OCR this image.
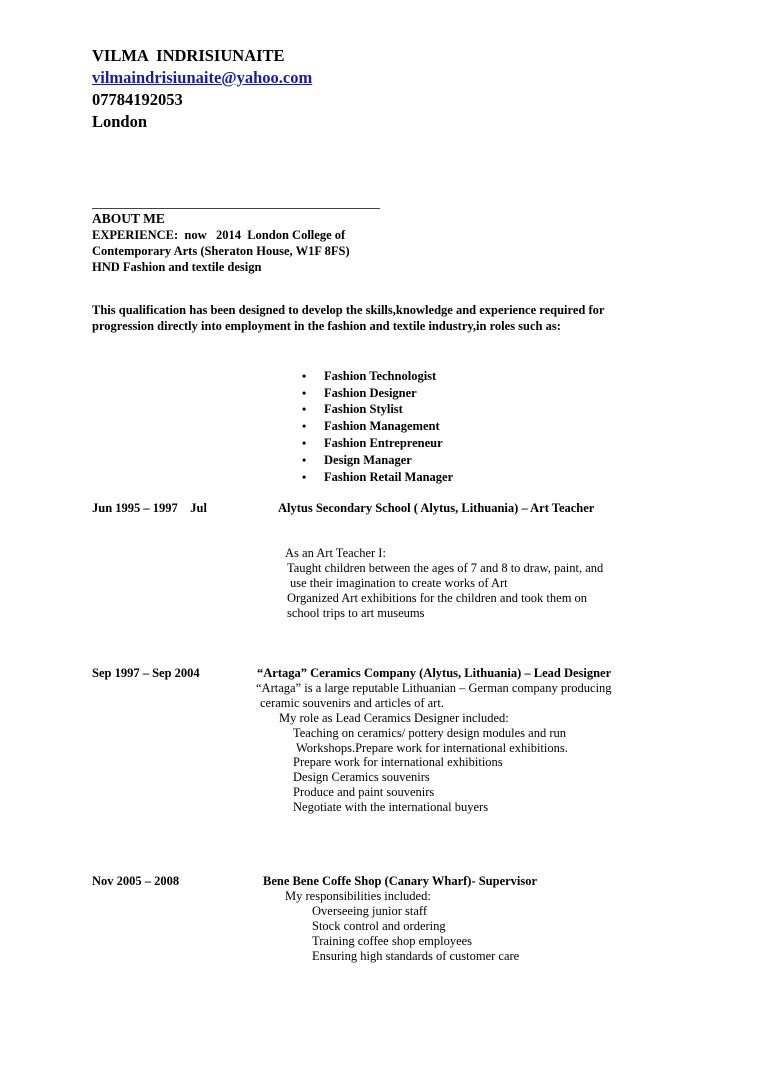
VILMA  INDRISIUNAITE
vilmaindrisiunaite@yahoo.com
07784192053
London
ABOUT ME
EXPERIENCE:  now   2014  London College of
Contemporary Arts (Sheraton House, W1F 8FS)
HND Fashion and textile design
This qualification has been designed to develop the skills,knowledge and experience required for
progression directly into employment in the fashion and textile industry,in roles such as:
• Fashion Technologist
• Fashion Designer
• Fashion Stylist
• Fashion Management
• Fashion Entrepreneur
• Design Manager
• Fashion Retail Manager
Jun 1995 – 1997    Jul	Alytus Secondary School ( Alytus, Lithuania) – Art Teacher
As an Art Teacher I:
Taught children between the ages of 7 and 8 to draw, paint, and
use their imagination to create works of Art
Organized Art exhibitions for the children and took them on
school trips to art museums
Sep 1997 – Sep 2004	“Artaga” Ceramics Company (Alytus, Lithuania) – Lead Designer
“Artaga” is a large reputable Lithuanian – German company producing
ceramic souvenirs and articles of art.
My role as Lead Ceramics Designer included:
Teaching on ceramics/ pottery design modules and run
Workshops.Prepare work for international exhibitions.
Prepare work for international exhibitions
Design Ceramics souvenirs
Produce and paint souvenirs
Negotiate with the international buyers
Nov 2005 – 2008	Bene Bene Coffe Shop (Canary Wharf)- Supervisor
My responsibilities included:
Overseeing junior staff
Stock control and ordering
Training coffee shop employees
Ensuring high standards of customer care
